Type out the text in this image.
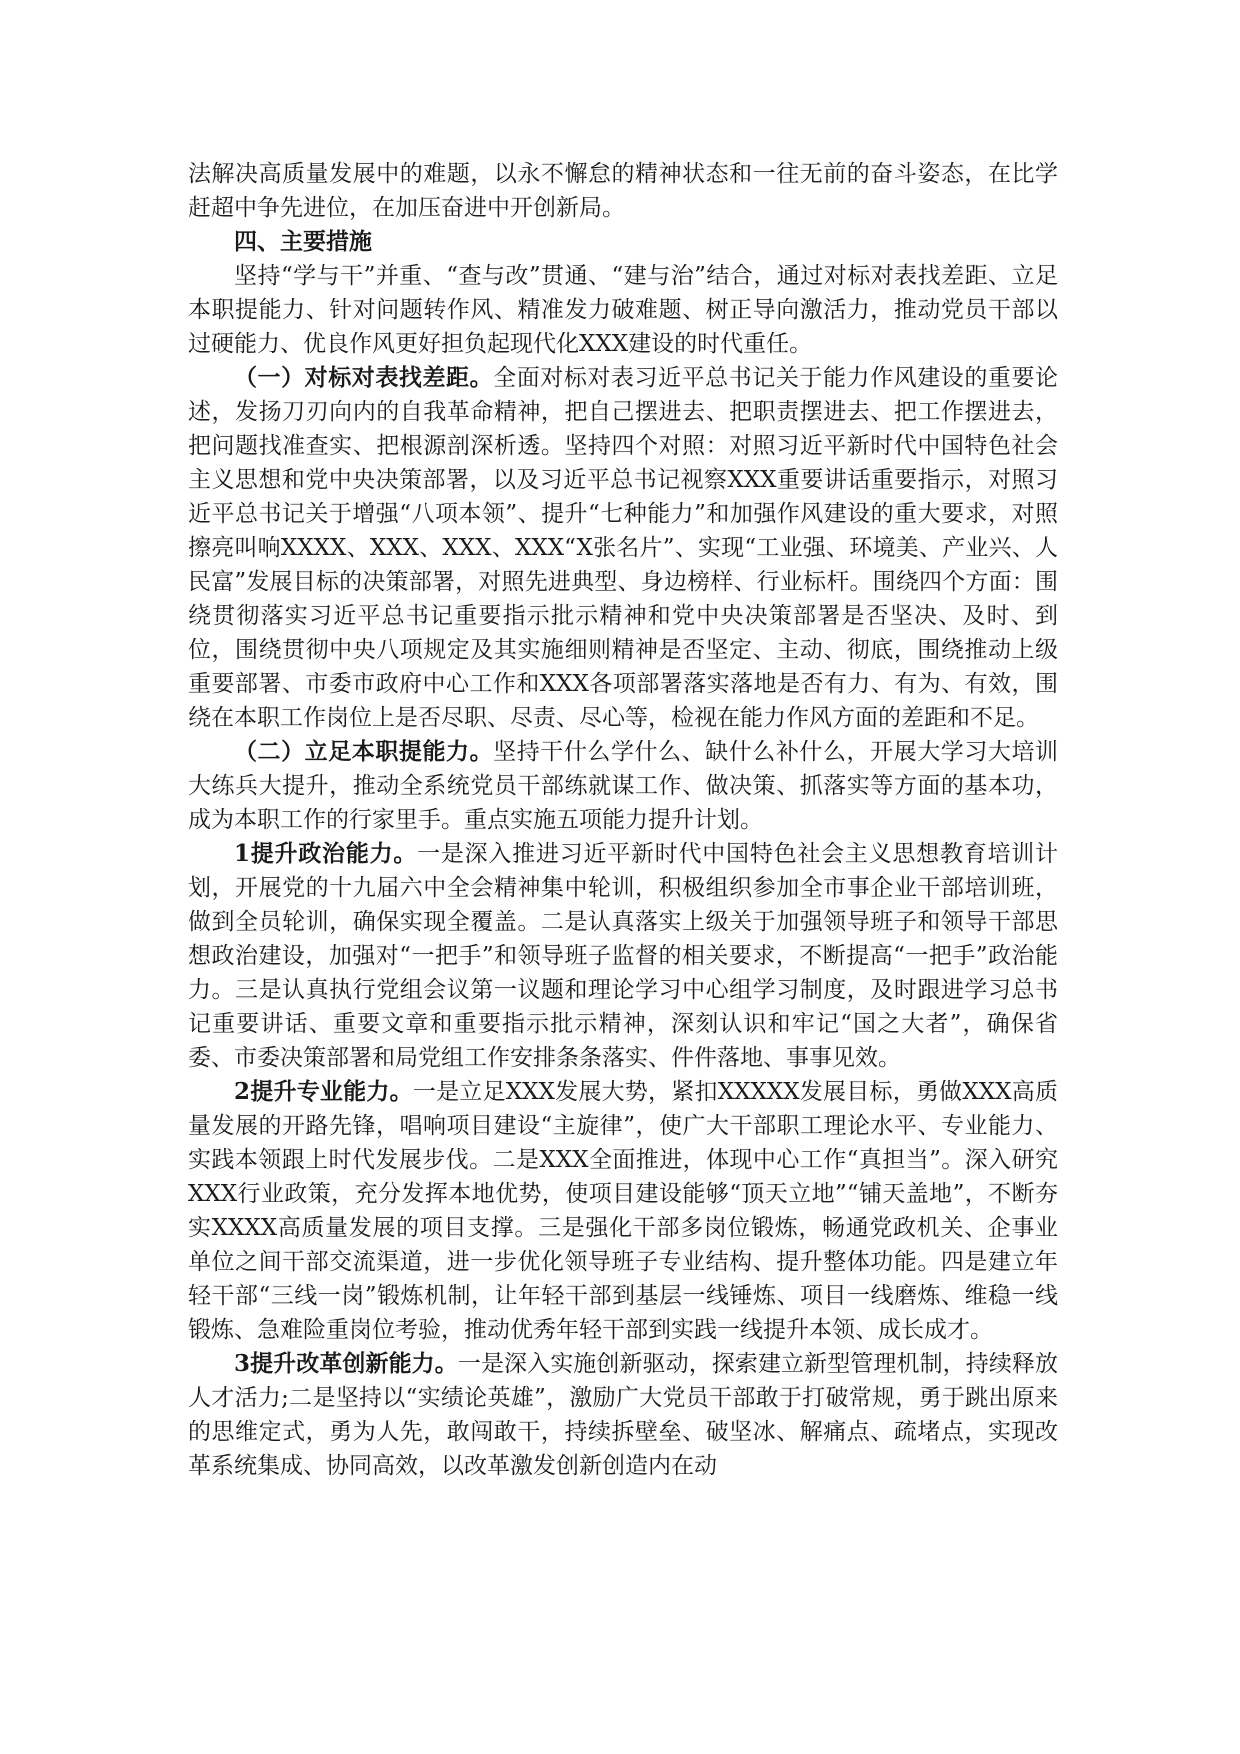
法解决高质量发展中的难题，以永不懈怠的精神状态和一往无前的奋斗姿态，在比学赶超中争先进位，在加压奋进中开创新局。

四、主要措施

坚持“学与干”并重、“查与改”贯通、“建与治”结合，通过对标对表找差距、立足本职提能力、针对问题转作风、精准发力破难题、树正导向激活力，推动党员干部以过硬能力、优良作风更好担负起现代化XXX建设的时代重任。

（一）对标对表找差距。全面对标对表习近平总书记关于能力作风建设的重要论述，发扬刀刃向内的自我革命精神，把自己摆进去、把职责摆进去、把工作摆进去，把问题找准查实、把根源剖深析透。坚持四个对照：对照习近平新时代中国特色社会主义思想和党中央决策部署，以及习近平总书记视察XXX重要讲话重要指示，对照习近平总书记关于增强“八项本领”、提升“七种能力”和加强作风建设的重大要求，对照擦亮叫响XXXX、XXX、XXX、XXX“X张名片”、实现“工业强、环境美、产业兴、人民富”发展目标的决策部署，对照先进典型、身边榜样、行业标杆。围绕四个方面：围绕贯彻落实习近平总书记重要指示批示精神和党中央决策部署是否坚决、及时、到位，围绕贯彻中央八项规定及其实施细则精神是否坚定、主动、彻底，围绕推动上级重要部署、市委市政府中心工作和XXX各项部署落实落地是否有力、有为、有效，围绕在本职工作岗位上是否尽职、尽责、尽心等，检视在能力作风方面的差距和不足。

（二）立足本职提能力。坚持干什么学什么、缺什么补什么，开展大学习大培训大练兵大提升，推动全系统党员干部练就谋工作、做决策、抓落实等方面的基本功，成为本职工作的行家里手。重点实施五项能力提升计划。

1提升政治能力。一是深入推进习近平新时代中国特色社会主义思想教育培训计划，开展党的十九届六中全会精神集中轮训，积极组织参加全市事企业干部培训班，做到全员轮训，确保实现全覆盖。二是认真落实上级关于加强领导班子和领导干部思想政治建设，加强对“一把手”和领导班子监督的相关要求，不断提高“一把手”政治能力。三是认真执行党组会议第一议题和理论学习中心组学习制度，及时跟进学习总书记重要讲话、重要文章和重要指示批示精神，深刻认识和牢记“国之大者”，确保省委、市委决策部署和局党组工作安排条条落实、件件落地、事事见效。

2提升专业能力。一是立足XXX发展大势，紧扣XXXXX发展目标，勇做XXX高质量发展的开路先锋，唱响项目建设“主旋律”，使广大干部职工理论水平、专业能力、实践本领跟上时代发展步伐。二是XXX全面推进，体现中心工作“真担当”。深入研究XXX行业政策，充分发挥本地优势，使项目建设能够“顶天立地”“铺天盖地”，不断夯实XXXX高质量发展的项目支撑。三是强化干部多岗位锻炼，畅通党政机关、企事业单位之间干部交流渠道，进一步优化领导班子专业结构、提升整体功能。四是建立年轻干部“三线一岗”锻炼机制，让年轻干部到基层一线锤炼、项目一线磨炼、维稳一线锻炼、急难险重岗位考验，推动优秀年轻干部到实践一线提升本领、成长成才。

3提升改革创新能力。一是深入实施创新驱动，探索建立新型管理机制，持续释放人才活力;二是坚持以“实绩论英雄”，激励广大党员干部敢于打破常规，勇于跳出原来的思维定式，勇为人先，敢闯敢干，持续拆壁垒、破坚冰、解痛点、疏堵点，实现改革系统集成、协同高效，以改革激发创新创造内在动
